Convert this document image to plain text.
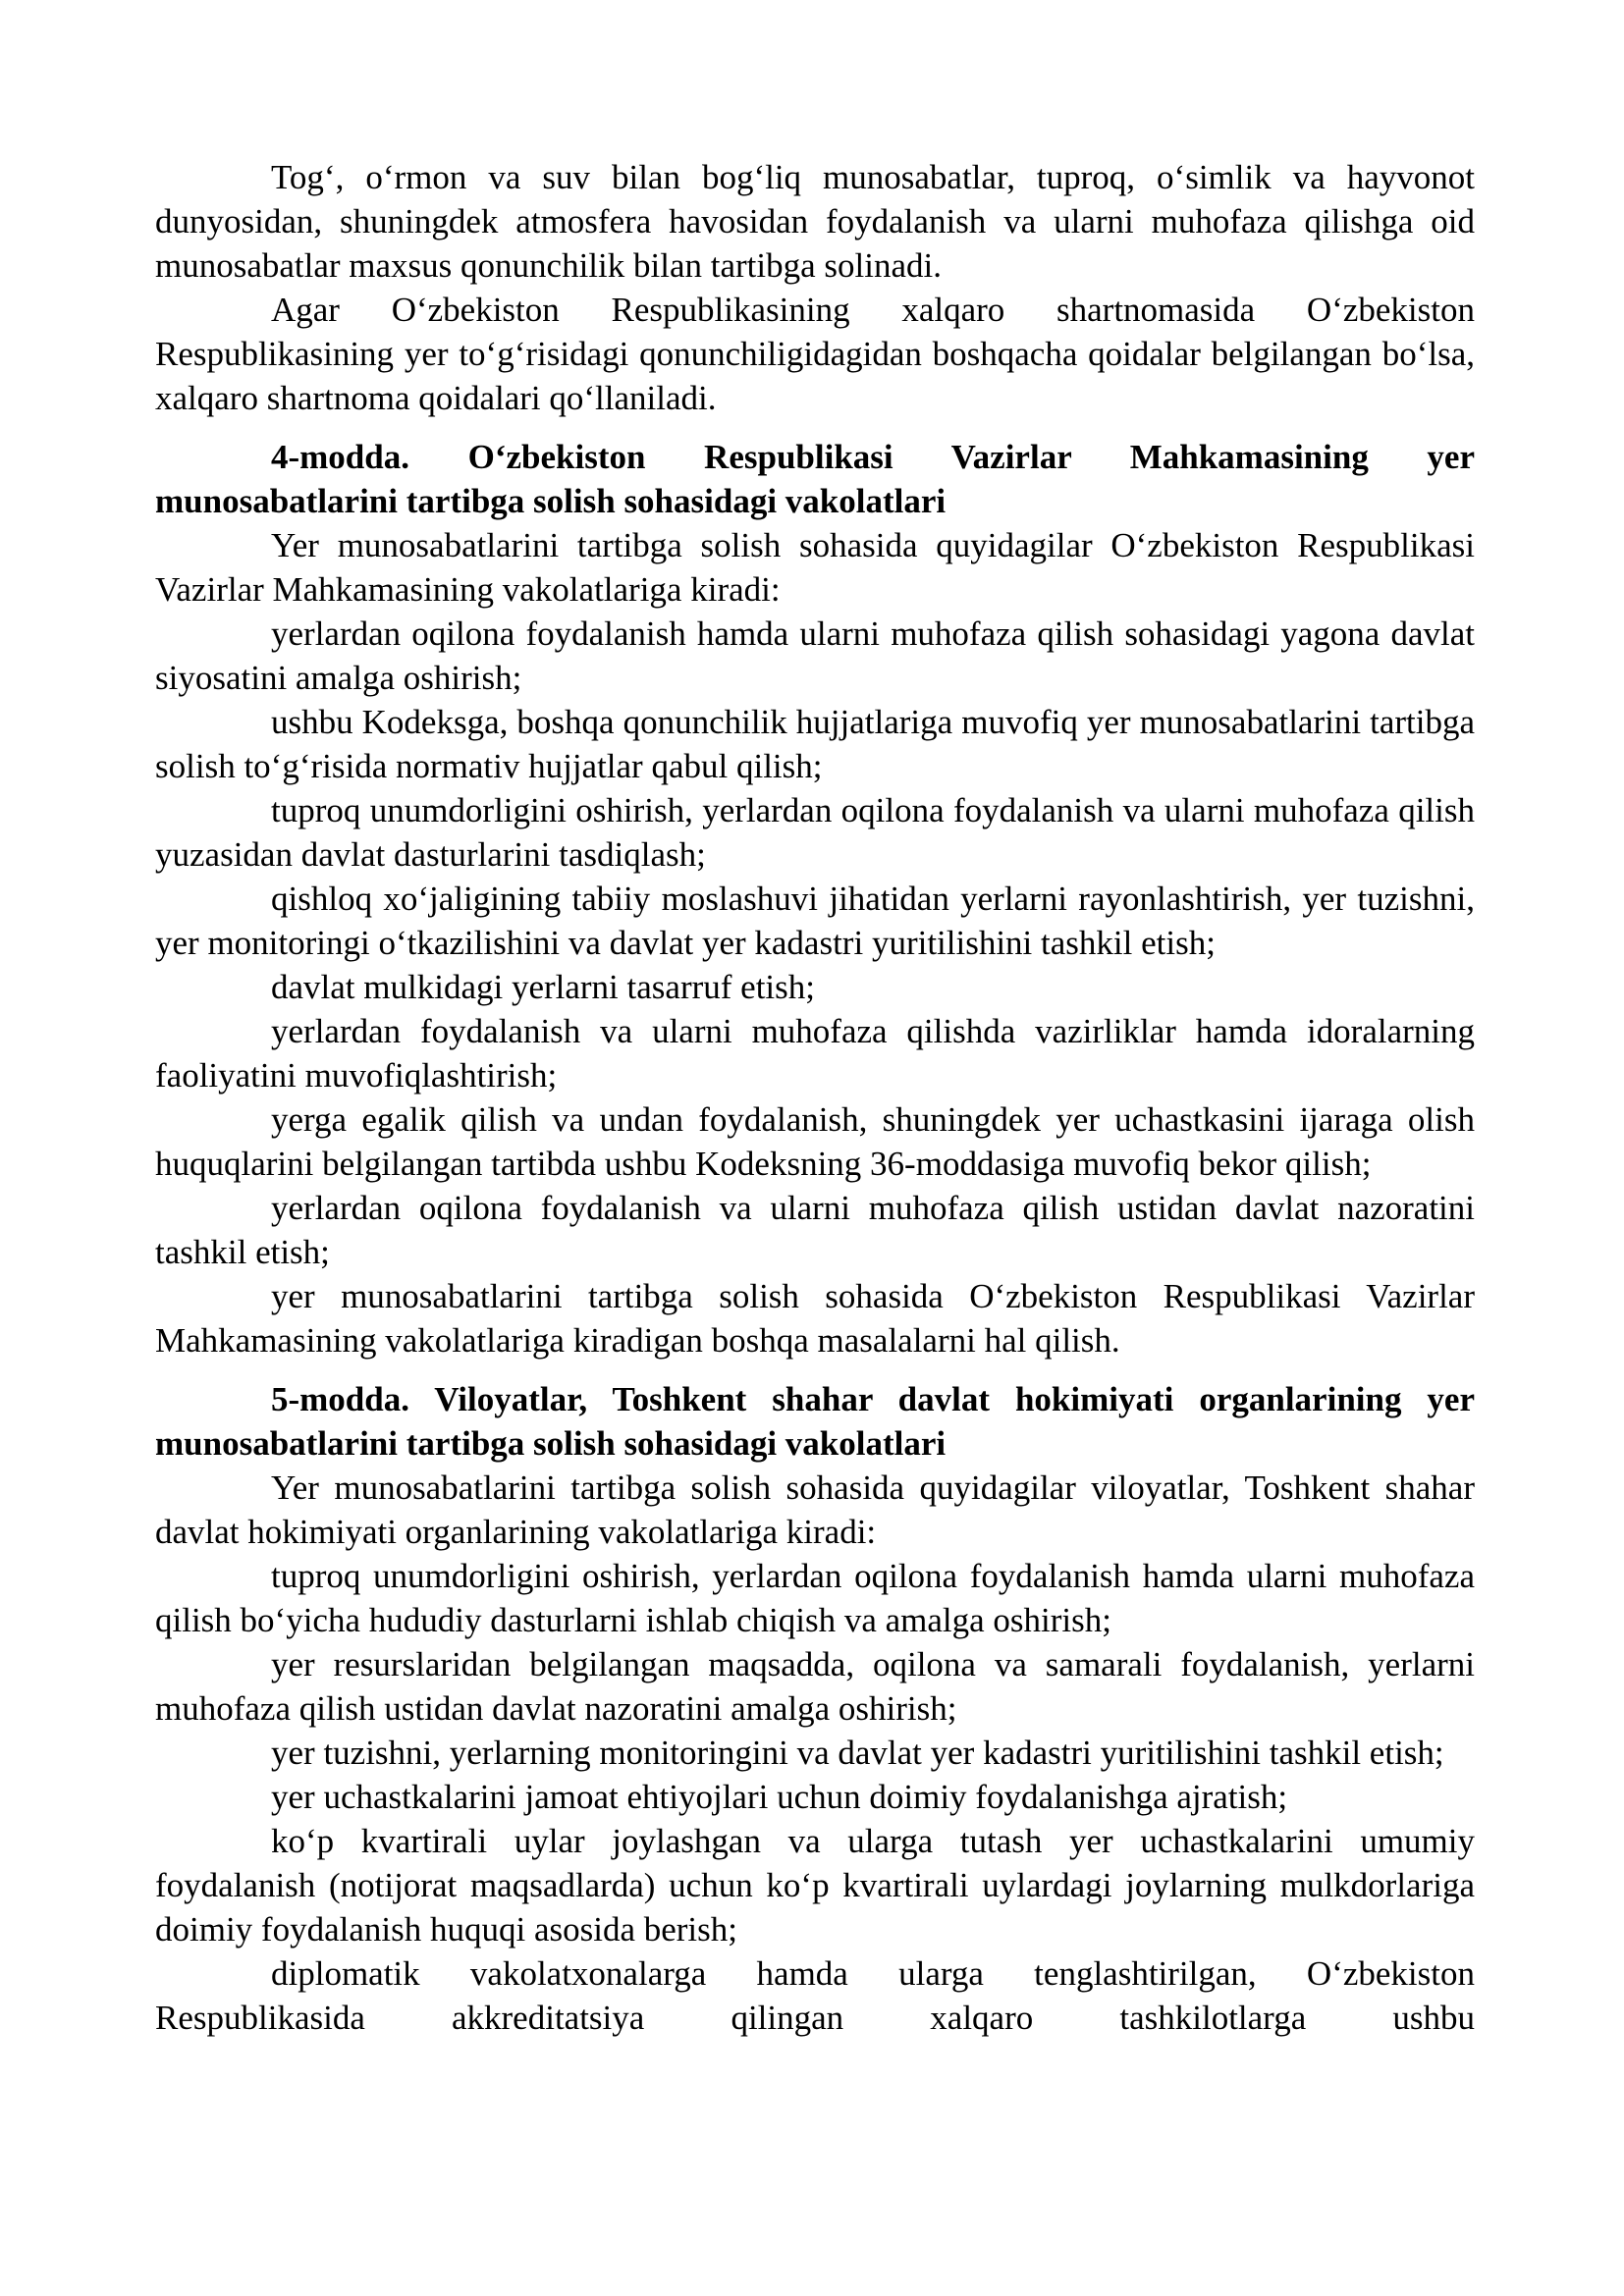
Tog‘, o‘rmon va suv bilan bog‘liq munosabatlar, tuproq, o‘simlik va hayvonot dunyosidan, shuningdek atmosfera havosidan foydalanish va ularni muhofaza qilishga oid munosabatlar maxsus qonunchilik bilan tartibga solinadi.

Agar O‘zbekiston Respublikasining xalqaro shartnomasida O‘zbekiston Respublikasining yer to‘g‘risidagi qonunchiligidagidan boshqacha qoidalar belgilangan bo‘lsa, xalqaro shartnoma qoidalari qo‘llaniladi.

4-modda. O‘zbekiston Respublikasi Vazirlar Mahkamasining yer munosabatlarini tartibga solish sohasidagi vakolatlari

Yer munosabatlarini tartibga solish sohasida quyidagilar O‘zbekiston Respublikasi Vazirlar Mahkamasining vakolatlariga kiradi:

yerlardan oqilona foydalanish hamda ularni muhofaza qilish sohasidagi yagona davlat siyosatini amalga oshirish;

ushbu Kodeksga, boshqa qonunchilik hujjatlariga muvofiq yer munosabatlarini tartibga solish to‘g‘risida normativ hujjatlar qabul qilish;

tuproq unumdorligini oshirish, yerlardan oqilona foydalanish va ularni muhofaza qilish yuzasidan davlat dasturlarini tasdiqlash;

qishloq xo‘jaligining tabiiy moslashuvi jihatidan yerlarni rayonlashtirish, yer tuzishni, yer monitoringi o‘tkazilishini va davlat yer kadastri yuritilishini tashkil etish;

davlat mulkidagi yerlarni tasarruf etish;

yerlardan foydalanish va ularni muhofaza qilishda vazirliklar hamda idoralarning faoliyatini muvofiqlashtirish;

yerga egalik qilish va undan foydalanish, shuningdek yer uchastkasini ijaraga olish huquqlarini belgilangan tartibda ushbu Kodeksning 36-moddasiga muvofiq bekor qilish;

yerlardan oqilona foydalanish va ularni muhofaza qilish ustidan davlat nazoratini tashkil etish;

yer munosabatlarini tartibga solish sohasida O‘zbekiston Respublikasi Vazirlar Mahkamasining vakolatlariga kiradigan boshqa masalalarni hal qilish.

5-modda. Viloyatlar, Toshkent shahar davlat hokimiyati organlarining yer munosabatlarini tartibga solish sohasidagi vakolatlari

Yer munosabatlarini tartibga solish sohasida quyidagilar viloyatlar, Toshkent shahar davlat hokimiyati organlarining vakolatlariga kiradi:

tuproq unumdorligini oshirish, yerlardan oqilona foydalanish hamda ularni muhofaza qilish bo‘yicha hududiy dasturlarni ishlab chiqish va amalga oshirish;

yer resurslaridan belgilangan maqsadda, oqilona va samarali foydalanish, yerlarni muhofaza qilish ustidan davlat nazoratini amalga oshirish;

yer tuzishni, yerlarning monitoringini va davlat yer kadastri yuritilishini tashkil etish;

yer uchastkalarini jamoat ehtiyojlari uchun doimiy foydalanishga ajratish;

ko‘p kvartirali uylar joylashgan va ularga tutash yer uchastkalarini umumiy foydalanish (notijorat maqsadlarda) uchun ko‘p kvartirali uylardagi joylarning mulkdorlariga doimiy foydalanish huquqi asosida berish;

diplomatik vakolatxonalarga hamda ularga tenglashtirilgan, O‘zbekiston Respublikasida akkreditatsiya qilingan xalqaro tashkilotlarga ushbu
